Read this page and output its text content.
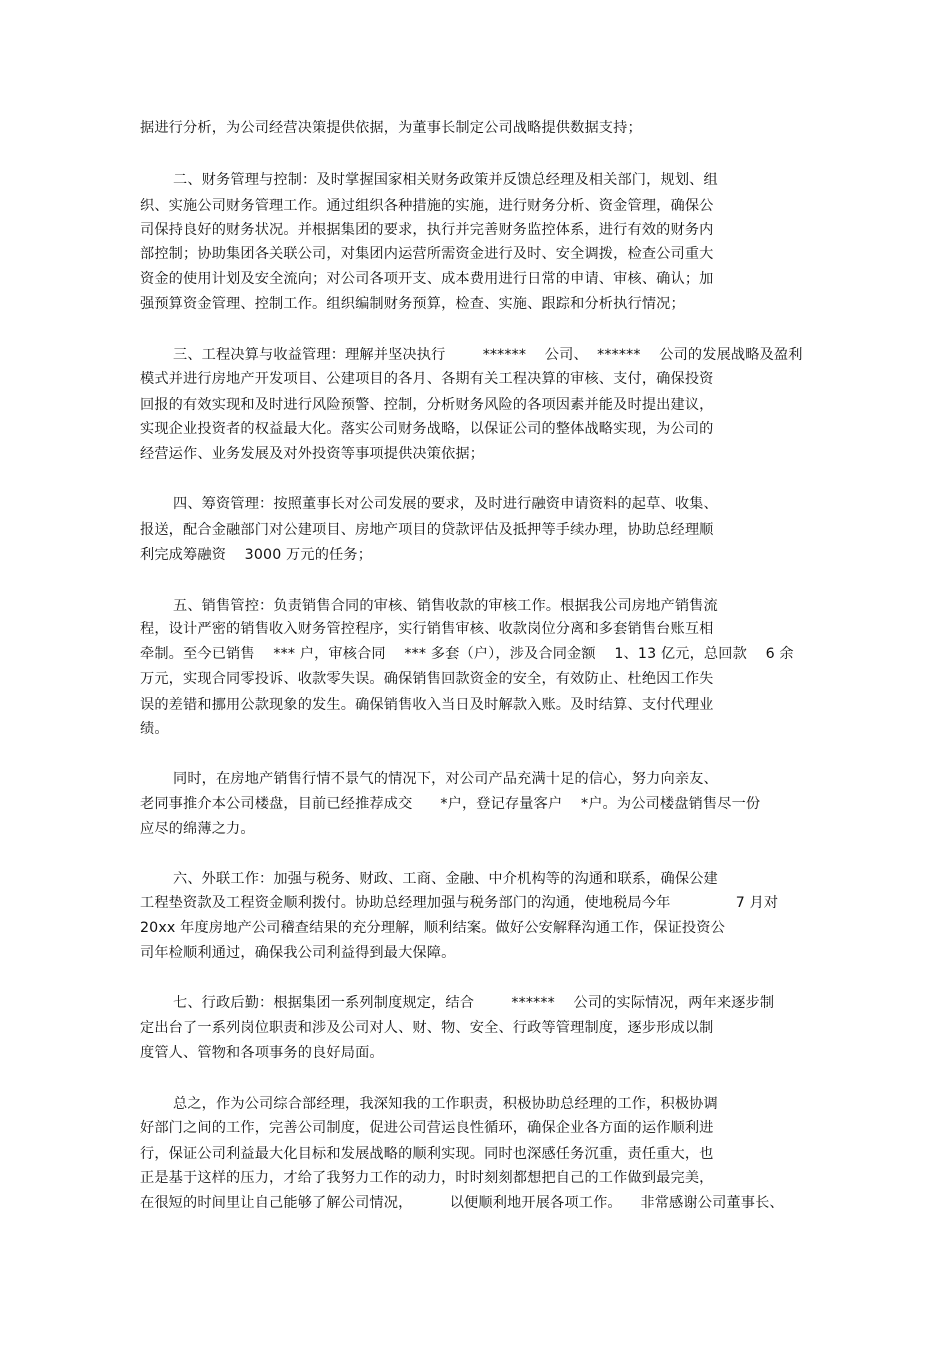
据进行分析，为公司经营决策提供依据，为董事长制定公司战略提供数据支持；
二、财务管理与控制：及时掌握国家相关财务政策并反馈总经理及相关部门，规划、组
织、实施公司财务管理工作。通过组织各种措施的实施，进行财务分析、资金管理，确保公
司保持良好的财务状况。并根据集团的要求，执行并完善财务监控体系，进行有效的财务内
部控制；协助集团各关联公司，对集团内运营所需资金进行及时、安全调拨，检查公司重大
资金的使用计划及安全流向；对公司各项开支、成本费用进行日常的申请、审核、确认；加
强预算资金管理、控制工作。组织编制财务预算，检查、实施、跟踪和分析执行情况；
三、工程决算与收益管理：理解并坚决执行        ******    公司、  ******    公司的发展战略及盈利
模式并进行房地产开发项目、公建项目的各月、各期有关工程决算的审核、支付，确保投资
回报的有效实现和及时进行风险预警、控制，分析财务风险的各项因素并能及时提出建议，
实现企业投资者的权益最大化。落实公司财务战略，以保证公司的整体战略实现，为公司的
经营运作、业务发展及对外投资等事项提供决策依据；
四、筹资管理：按照董事长对公司发展的要求，及时进行融资申请资料的起草、收集、
报送，配合金融部门对公建项目、房地产项目的贷款评估及抵押等手续办理，协助总经理顺
利完成筹融资    3000 万元的任务；
五、销售管控：负责销售合同的审核、销售收款的审核工作。根据我公司房地产销售流
程，设计严密的销售收入财务管控程序，实行销售审核、收款岗位分离和多套销售台账互相
牵制。至今已销售    *** 户，审核合同    *** 多套（户），涉及合同金额    1、13 亿元，总回款    6 余
万元，实现合同零投诉、收款零失误。确保销售回款资金的安全，有效防止、杜绝因工作失
误的差错和挪用公款现象的发生。确保销售收入当日及时解款入账。及时结算、支付代理业
绩。
同时，在房地产销售行情不景气的情况下，对公司产品充满十足的信心，努力向亲友、
老同事推介本公司楼盘，目前已经推荐成交      *户，登记存量客户    *户。为公司楼盘销售尽一份
应尽的绵薄之力。
六、外联工作：加强与税务、财政、工商、金融、中介机构等的沟通和联系，确保公建
工程垫资款及工程资金顺利拨付。协助总经理加强与税务部门的沟通，使地税局今年              7 月对
20xx 年度房地产公司稽查结果的充分理解，顺利结案。做好公安解释沟通工作，保证投资公
司年检顺利通过，确保我公司利益得到最大保障。
七、行政后勤：根据集团一系列制度规定，结合        ******    公司的实际情况，两年来逐步制
定出台了一系列岗位职责和涉及公司对人、财、物、安全、行政等管理制度，逐步形成以制
度管人、管物和各项事务的良好局面。
总之，作为公司综合部经理，我深知我的工作职责，积极协助总经理的工作，积极协调
好部门之间的工作，完善公司制度，促进公司营运良性循环，确保企业各方面的运作顺利进
行，保证公司利益最大化目标和发展战略的顺利实现。同时也深感任务沉重，责任重大，也
正是基于这样的压力，才给了我努力工作的动力，时时刻刻都想把自己的工作做到最完美，
在很短的时间里让自己能够了解公司情况，        以便顺利地开展各项工作。    非常感谢公司董事长、
